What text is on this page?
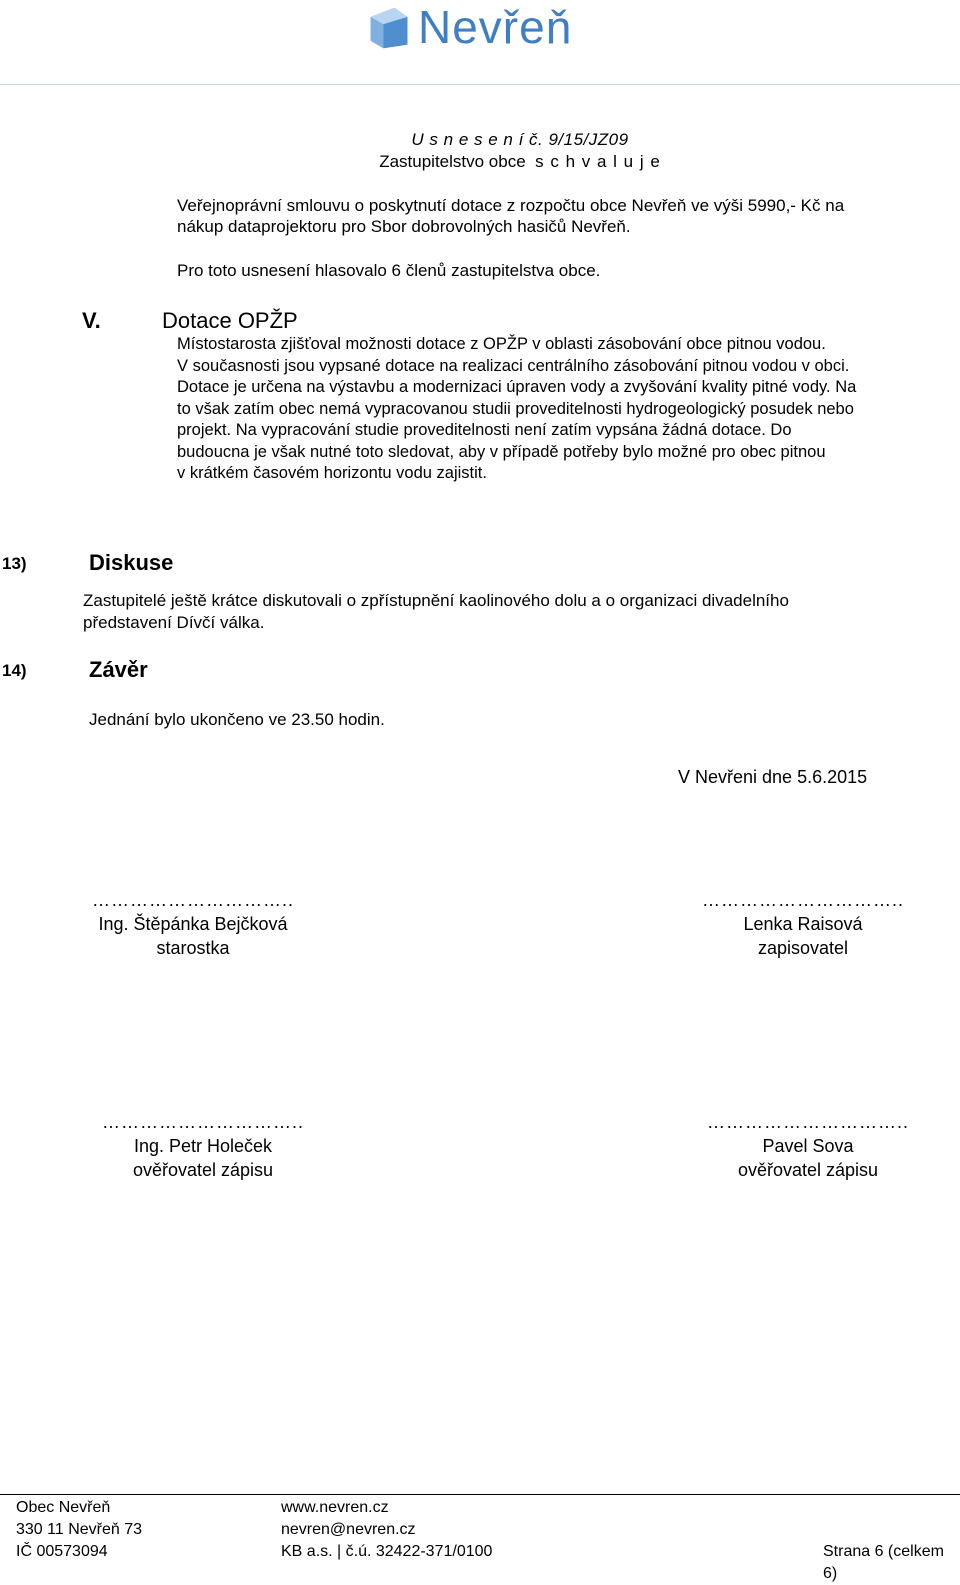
Nevřeň
U s n e s e n í č. 9/15/JZ09
Zastupitelstvo obce s c h v a l u j e
Veřejnoprávní smlouvu o poskytnutí dotace z rozpočtu obce Nevřeň ve výši 5990,- Kč na
nákup dataprojektoru pro Sbor dobrovolných hasičů Nevřeň.
Pro toto usnesení hlasovalo 6 členů zastupitelstva obce.
V.	Dotace OPŽP
Místostarosta zjišťoval možnosti dotace z OPŽP v oblasti zásobování obce pitnou vodou.
V současnosti jsou vypsané dotace na realizaci centrálního zásobování pitnou vodou v obci.
Dotace je určena na výstavbu a modernizaci úpraven vody a zvyšování kvality pitné vody. Na
to však zatím obec nemá vypracovanou studii proveditelnosti hydrogeologický posudek nebo
projekt. Na vypracování studie proveditelnosti není zatím vypsána žádná dotace. Do
budoucna je však nutné toto sledovat, aby v případě potřeby bylo možné pro obec pitnou
v krátkém časovém horizontu vodu zajistit.
13)	Diskuse
Zastupitelé ještě krátce diskutovali o zpřístupnění kaolinového dolu a o organizaci divadelního
představení Dívčí válka.
14)	Závěr
Jednání bylo ukončeno ve 23.50 hodin.
V Nevřeni dne 5.6.2015
…………………………..
Ing. Štěpánka Bejčková
starostka
…………………………..
Lenka Raisová
zapisovatel
…………………………..
Ing. Petr Holeček
ověřovatel zápisu
…………………………..
Pavel Sova
ověřovatel zápisu
Obec Nevřeň
330 11 Nevřeň 73
IČ 00573094
www.nevren.cz
nevren@nevren.cz
KB a.s. | č.ú. 32422-371/0100	Strana 6 (celkem 6)
